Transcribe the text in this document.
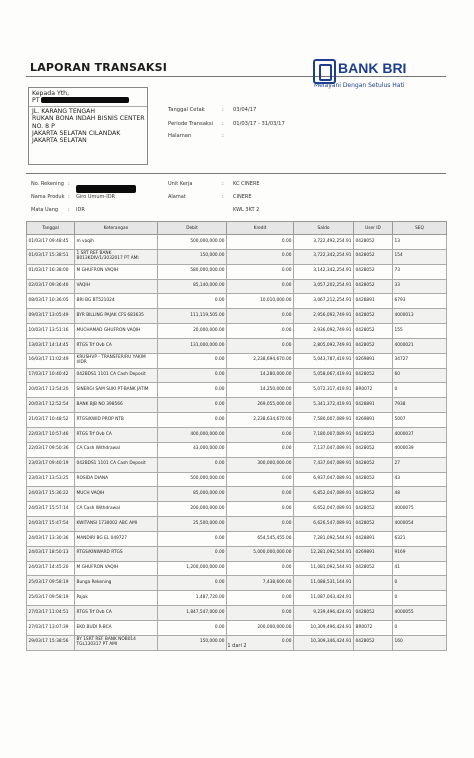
LAPORAN TRANSAKSI	BANK BRI
Melayani Dengan Setulus Hati
Kepada Yth,
PT
JL. KARANG TENGAH
RUKAN BONA INDAH BISNIS CENTER
NO. 8 P
JAKARTA SELATAN CILANDAK
JAKARTA SELATAN
Tanggal Cetak	: 03/04/17
Periode Transaksi : 01/03/17 - 31/03/17
Halaman	:
No. Rekening :
Nama Produk : Giro Umum-IDR
Mata Uang : IDR
Unit Kerja	: KC CINERE
Alamat	: CINERE
KWL 3KT 2
Tanggal	Keterangan	Debit	Kredit	Saldo	User ID	SEQ
01/03/17 09:48:45	m vaqih	500,000,000.00	0.00	3,722,492,254.91	0428052	13
01/03/17 15:38:51	1 SRT REF BANK B013KDIV/1/3032017 PT AMI	150,000.00	0.00	3,722,342,254.91	0428052	154
01/03/17 16:38:00	M GHUFRON VAQIH	580,000,000.00	0.00	3,142,342,254.91	0428052	73
02/03/17 09:36:40	VAQIH	85,140,000.00	0.00	3,057,202,254.91	0428052	33
08/03/17 10:36:05	BRI BG BT521024	0.00	10,010,000.00	3,067,212,254.91	0428891	6793
09/03/17 13:05:49	BYR BILLING PAJAK CFS 683635	111,119,505.00	0.00	2,956,092,749.91	0428052	4000013
10/03/17 13:51:16	MUCHAMAD GHUFRON VAQIH	20,000,000.00	0.00	2,936,092,749.91	0428052	155
13/03/17 14:14:45	RTGS Trf Ovb CA	131,000,000.00	0.00	2,805,092,749.91	0428052	4000021
16/03/17 11:02:49	KRUSHVP - TRANSFER/RU YAKIM I/IDR	0.00	2,238,694,670.00	5,043,787,419.91	0269891	34727
17/03/17 10:40:42	042BDS1 1101 CA Cash Deposit	0.00	14,280,000.00	5,058,067,419.91	0428052	60
20/03/17 13:54:20	SINERGI SAM SUKI PT-BANK JATIM	0.00	14,250,000.00	5,072,317,419.91	BR0072	0
20/03/17 12:52:54	BANK BJB NO 398566	0.00	269,055,000.00	5,341,372,419.91	0428891	7938
21/03/17 10:48:52	RTGS/KWID PROP NTB	0.00	2,238,634,670.00	7,580,007,089.91	0269891	5007
22/03/17 10:57:46	RTGS Trf Ovb CA	400,000,000.00	0.00	7,180,007,089.91	0428052	4000037
22/03/17 09:50:36	CA Cash Withdrawal	43,000,000.00	0.00	7,137,047,089.91	0428052	4000039
23/03/17 09:40:19	042BDS1 1101 CA Cash Deposit	0.00	300,000,000.00	7,437,047,089.91	0428052	27
23/03/17 13:53:25	ROSIDA DIANA	500,000,000.00	0.00	6,937,047,089.91	0428052	43
24/03/17 15:36:22	MUCH VAQIH	85,000,000.00	0.00	6,852,047,089.91	0428052	48
24/03/17 15:57:14	CA Cash Withdrawal	200,000,000.00	0.00	6,652,047,089.91	0428052	4000075
24/03/17 15:47:54	KWITANSI 1730002 ABC AMI	25,500,000.00	0.00	6,626,547,089.91	0428052	4000054
24/03/17 13:30:36	MANDIRI BG EL 049727	0.00	654,545,455.00	7,281,092,544.91	0428891	6321
24/03/17 18:50:13	RTGS/KINWARD RTGS	0.00	5,000,000,000.00	12,281,092,544.91	0269891	9169
24/03/17 14:45:20	M GHUFRON VAQIH	1,200,000,000.00	0.00	11,081,092,544.91	0428052	41
25/03/17 09:58:19	Bunga Rekening	0.00	7,438,600.00	11,088,531,144.91		0
25/03/17 09:58:19	Pajak	1,487,720.00	0.00	11,087,043,424.91		0
27/03/17 11:04:51	RTGS Trf Ovb CA	1,847,547,000.00	0.00	9,239,496,424.91	0428052	4000055
27/03/17 13:07:39	EKO BUDI R-BCA	0.00	200,000,000.00	10,309,496,424.91	BR0072	0
29/03/17 15:38:56	BY 1SRT REF BANK NOB014 TGL130317 PT AMI	150,000.00	0.00	10,309,346,424.91	0428052	160
1 dari 2
